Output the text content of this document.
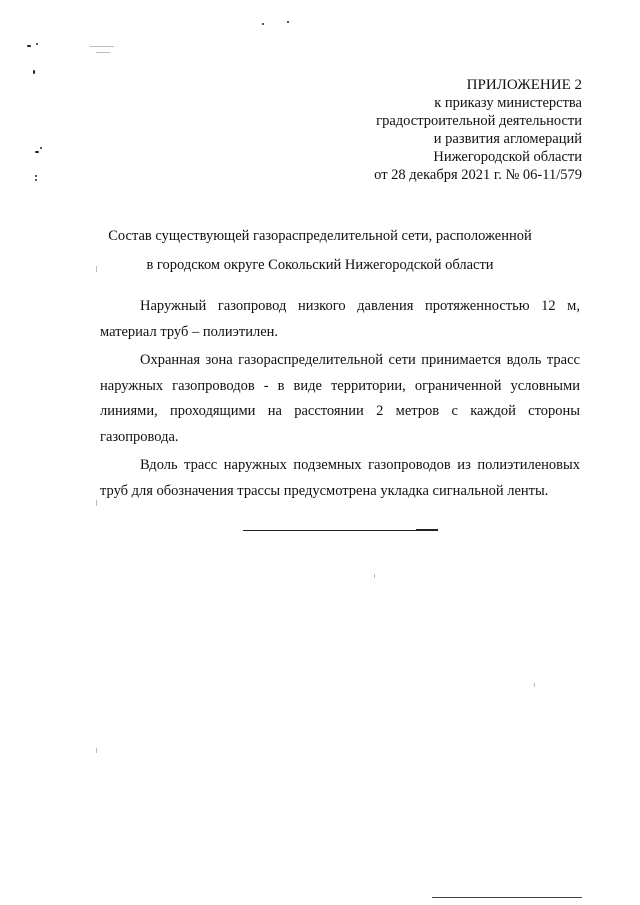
ПРИЛОЖЕНИЕ 2
к приказу министерства
градостроительной деятельности
и развития агломераций
Нижегородской области
от 28 декабря 2021 г. № 06-11/579
Состав существующей газораспределительной сети, расположенной
в городском округе Сокольский Нижегородской области

Наружный газопровод низкого давления протяженностью 12 м, материал труб – полиэтилен.

Охранная зона газораспределительной сети принимается вдоль трасс наружных газопроводов - в виде территории, ограниченной условными линиями, проходящими на расстоянии 2 метров с каждой стороны газопровода.

Вдоль трасс наружных подземных газопроводов из полиэтиленовых труб для обозначения трассы предусмотрена укладка сигнальной ленты.
